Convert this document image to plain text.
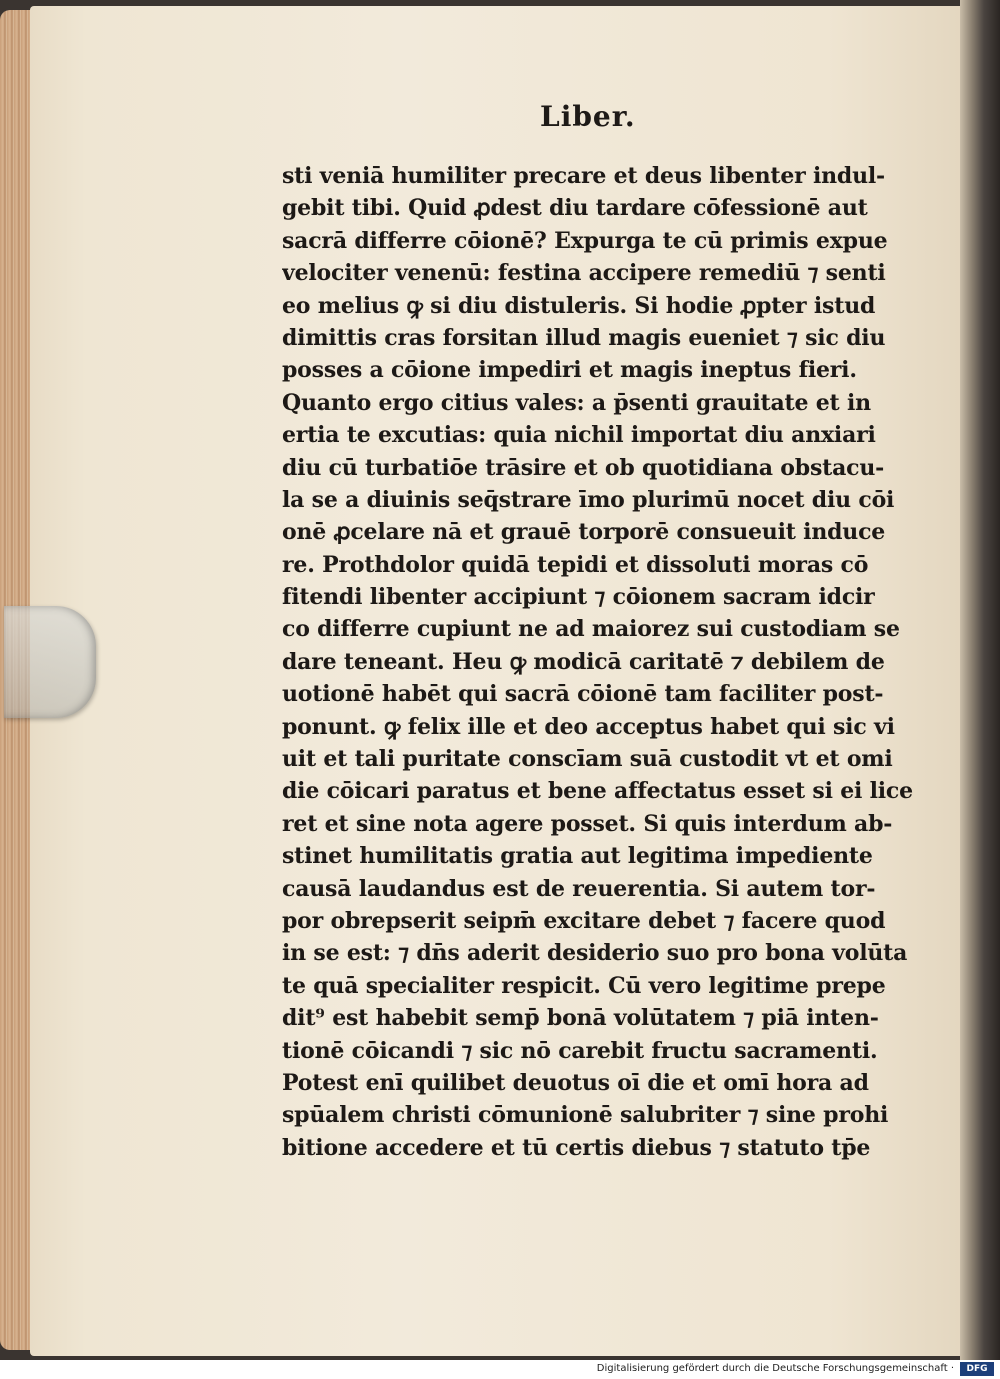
Liber.
sti veniā humiliter precare et deus libenter indul-
gebit tibi. Quid ꝓdest diu tardare cōfessionē aut
sacrā differre cōionē? Expurga te cū primis expue
velociter venenū: festina accipere remediū ⁊ senti
eo melius ꝙ si diu distuleris. Si hodie ꝓpter istud
dimittis cras forsitan illud magis eueniet ⁊ sic diu
posses a cōione impediri et magis ineptus fieri.
Quanto ergo citius vales: a p̄senti grauitate et in
ertia te excutias: quia nichil importat diu anxiari
diu cū turbatiōe trāsire et ob quotidiana obstacu-
la se a diuinis seq̄strare īmo plurimū nocet diu cōi
onē ꝓcelare nā et grauē torporē consueuit induce
re. Prothdolor quidā tepidi et dissoluti moras cō
fitendi libenter accipiunt ⁊ cōionem sacram idcir
co differre cupiunt ne ad maiorez sui custodiam se
dare teneant. Heu ꝙ modicā caritatē ⁊ debilem de
uotionē habēt qui sacrā cōionē tam faciliter post-
ponunt. ꝙ felix ille et deo acceptus habet qui sic vi
uit et tali puritate conscīam suā custodit vt et omi
die cōicari paratus et bene affectatus esset si ei lice
ret et sine nota agere posset. Si quis interdum ab-
stinet humilitatis gratia aut legitima impediente
causā laudandus est de reuerentia. Si autem tor-
por obrepserit seipm̄ excitare debet ⁊ facere quod
in se est: ⁊ dn̄s aderit desiderio suo pro bona volūta
te quā specialiter respicit. Cū vero legitime prepe
dit⁹ est habebit semp̄ bonā volūtatem ⁊ piā inten-
tionē cōicandi ⁊ sic nō carebit fructu sacramenti.
Potest enī quilibet deuotus oī die et omī hora ad
spūalem christi cōmunionē salubriter ⁊ sine prohi
bitione accedere et tū certis diebus ⁊ statuto tp̄e
Digitalisierung gefördert durch die Deutsche Forschungsgemeinschaft ·	DFG
